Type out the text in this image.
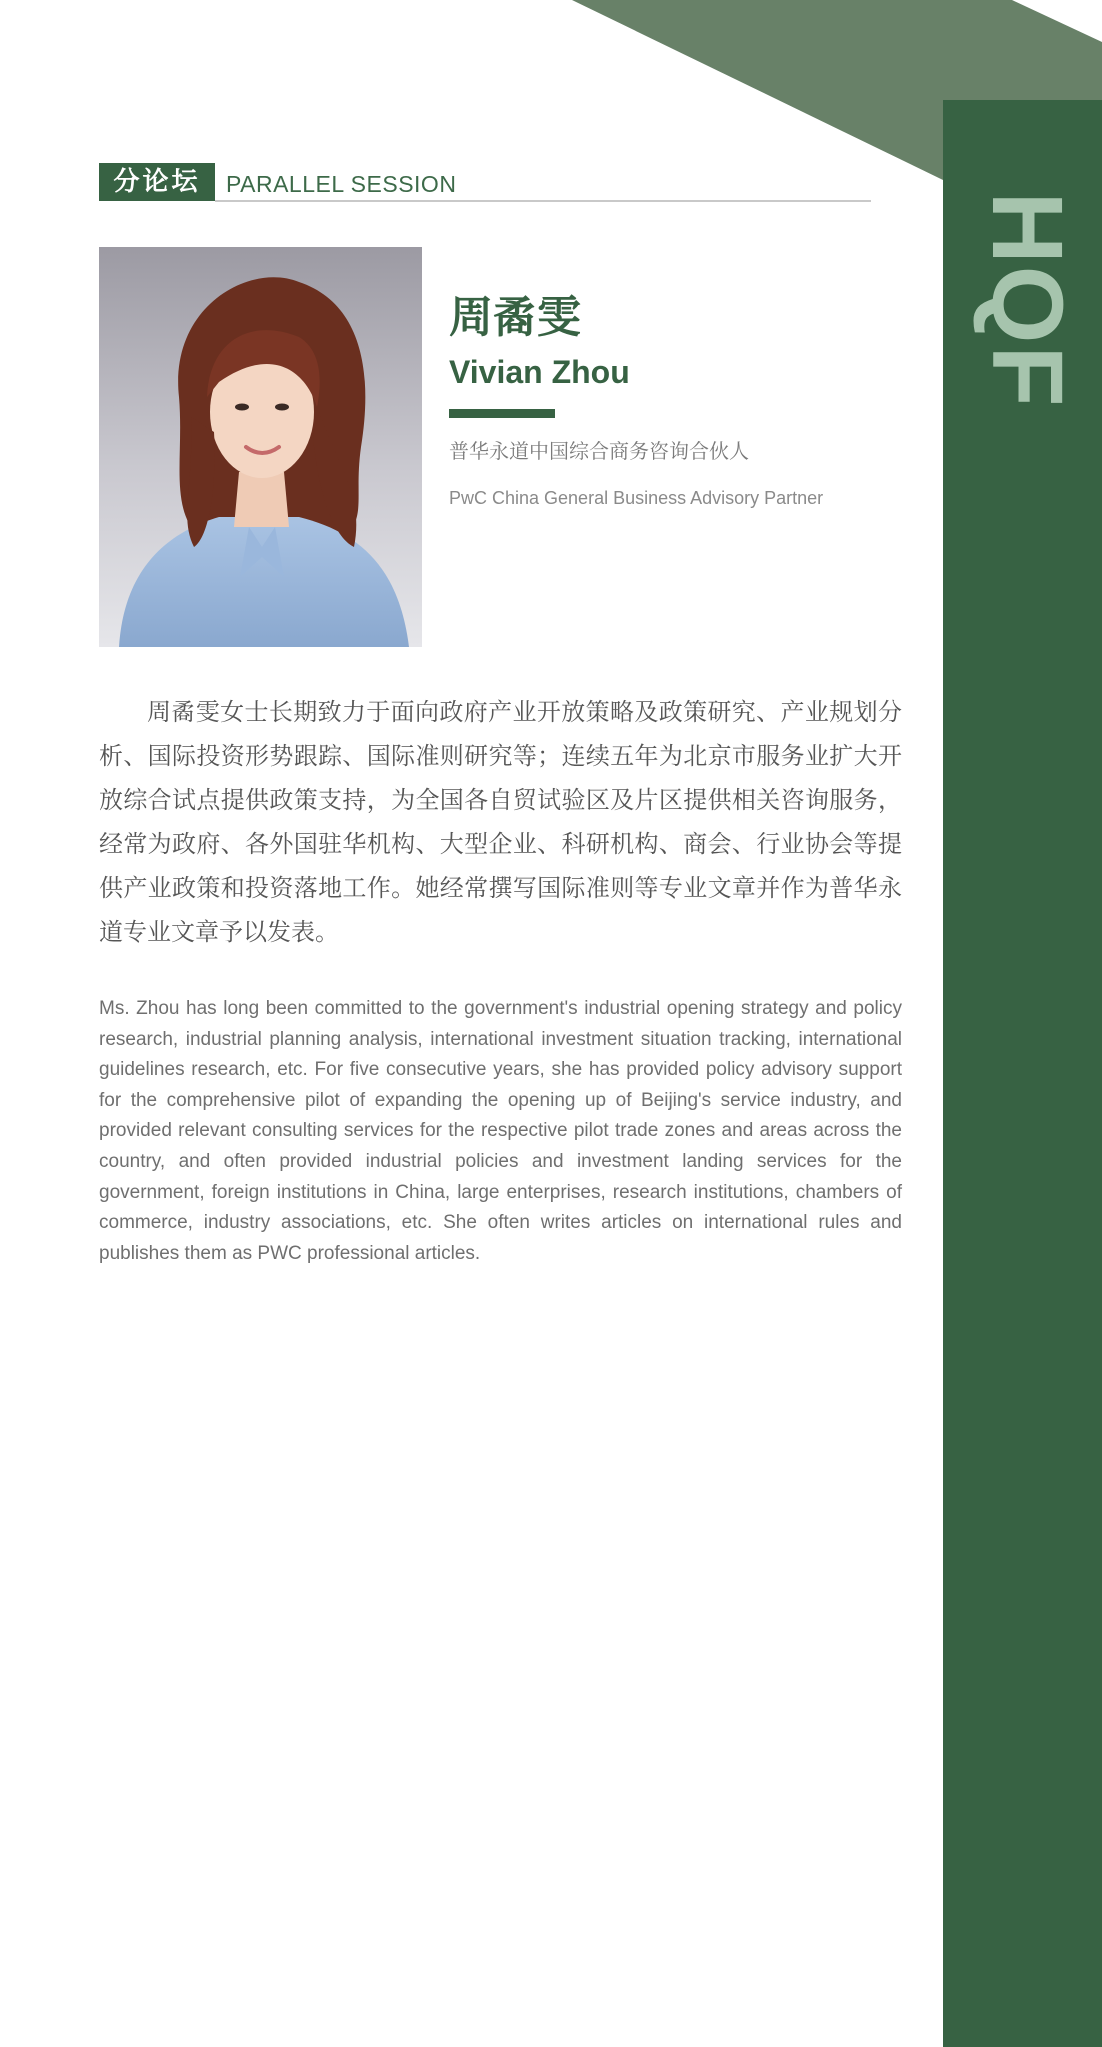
HQF
分论坛	PARALLEL SESSION
周矞雯
Vivian Zhou
普华永道中国综合商务咨询合伙人
PwC China General Business Advisory Partner

周矞雯女士长期致力于面向政府产业开放策略及政策研究、产业规划分析、国际投资形势跟踪、国际准则研究等；连续五年为北京市服务业扩大开放综合试点提供政策支持，为全国各自贸试验区及片区提供相关咨询服务，经常为政府、各外国驻华机构、大型企业、科研机构、商会、行业协会等提供产业政策和投资落地工作。她经常撰写国际准则等专业文章并作为普华永道专业文章予以发表。

Ms. Zhou has long been committed to the government's industrial opening strategy and policy research, industrial planning analysis, international investment situation tracking, international guidelines research, etc. For five consecutive years, she has provided policy advisory support for the comprehensive pilot of expanding the opening up of Beijing's service industry, and provided relevant consulting services for the respective pilot trade zones and areas across the country, and often provided industrial policies and investment landing services for the government, foreign institutions in China, large enterprises, research institutions, chambers of commerce, industry associations, etc. She often writes articles on international rules and publishes them as PWC professional articles.
